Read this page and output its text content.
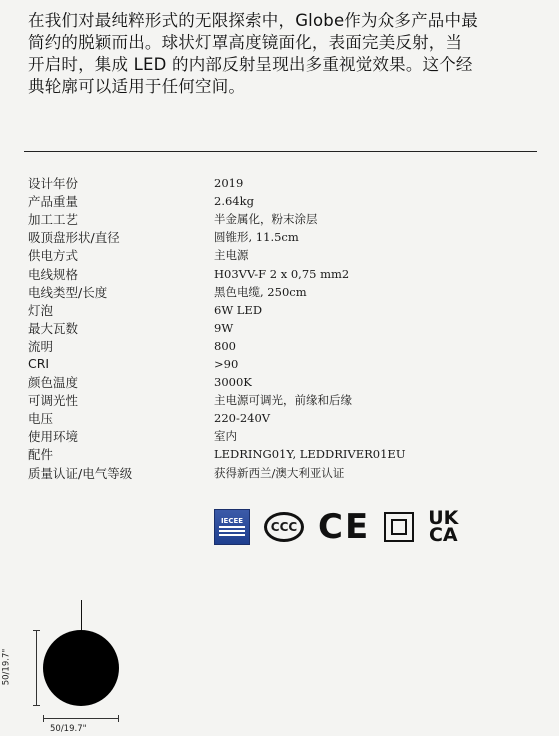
在我们对最纯粹形式的无限探索中，Globe作为众多产品中最
简约的脱颖而出。球状灯罩高度镜面化，表面完美反射，当
开启时，集成 LED 的内部反射呈现出多重视觉效果。这个经
典轮廓可以适用于任何空间。
设计年份	2019
产品重量	2.64kg
加工工艺	半金属化，粉末涂层
吸顶盘形状/直径	圆锥形, 11.5cm
供电方式	主电源
电线规格	H03VV-F 2 x 0,75 mm2
电线类型/长度	黑色电缆, 250cm
灯泡	6W LED
最大瓦数	9W
流明	800
CRI	>90
颜色温度	3000K
可调光性	主电源可调光，前缘和后缘
电压	220-240V
使用环境	室内
配件	LEDRING01Y, LEDDRIVER01EU
质量认证/电气等级	获得新西兰/澳大利亚认证
IECEE CCC CE	UK
CA
50/19.7"
50/19.7"
